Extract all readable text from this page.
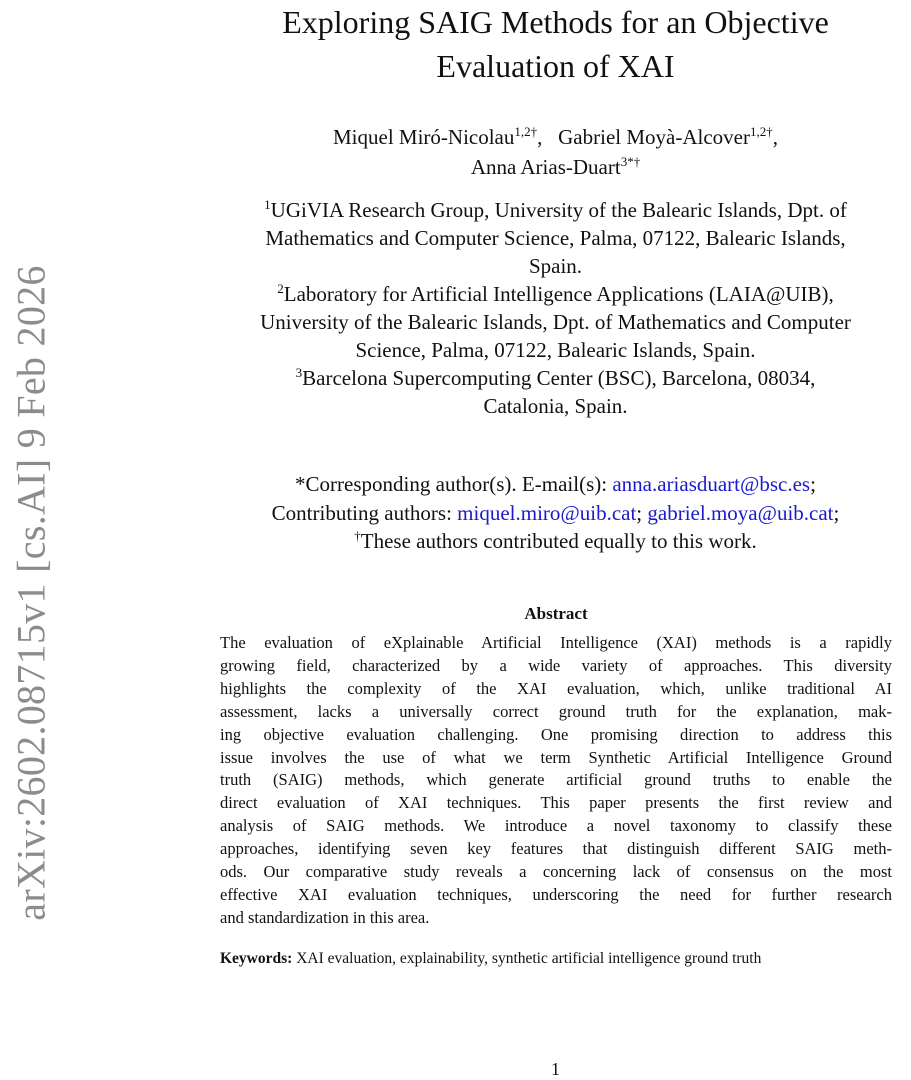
arXiv:2602.08715v1 [cs.AI] 9 Feb 2026
Exploring SAIG Methods for an Objective
Evaluation of XAI
Miquel Miró-Nicolau$^{1,2\dagger}$,   Gabriel Moyà-Alcover$^{1,2\dagger}$,
Anna Arias-Duart$^{3*\dagger}$
$^1$UGiVIA Research Group, University of the Balearic Islands, Dpt. of
Mathematics and Computer Science, Palma, 07122, Balearic Islands,
Spain.
$^2$Laboratory for Artificial Intelligence Applications (LAIA@UIB),
University of the Balearic Islands, Dpt. of Mathematics and Computer
Science, Palma, 07122, Balearic Islands, Spain.
$^3$Barcelona Supercomputing Center (BSC), Barcelona, 08034,
Catalonia, Spain.
*Corresponding author(s). E-mail(s): anna.ariasduart@bsc.es;
Contributing authors: miquel.miro@uib.cat; gabriel.moya@uib.cat;
†These authors contributed equally to this work.
Abstract
The evaluation of eXplainable Artificial Intelligence (XAI) methods is a rapidly
growing field, characterized by a wide variety of approaches. This diversity
highlights the complexity of the XAI evaluation, which, unlike traditional AI
assessment, lacks a universally correct ground truth for the explanation, mak-
ing objective evaluation challenging. One promising direction to address this
issue involves the use of what we term Synthetic Artificial Intelligence Ground
truth (SAIG) methods, which generate artificial ground truths to enable the
direct evaluation of XAI techniques. This paper presents the first review and
analysis of SAIG methods. We introduce a novel taxonomy to classify these
approaches, identifying seven key features that distinguish different SAIG meth-
ods. Our comparative study reveals a concerning lack of consensus on the most
effective XAI evaluation techniques, underscoring the need for further research
and standardization in this area.
Keywords: XAI evaluation, explainability, synthetic artificial intelligence ground truth
1
